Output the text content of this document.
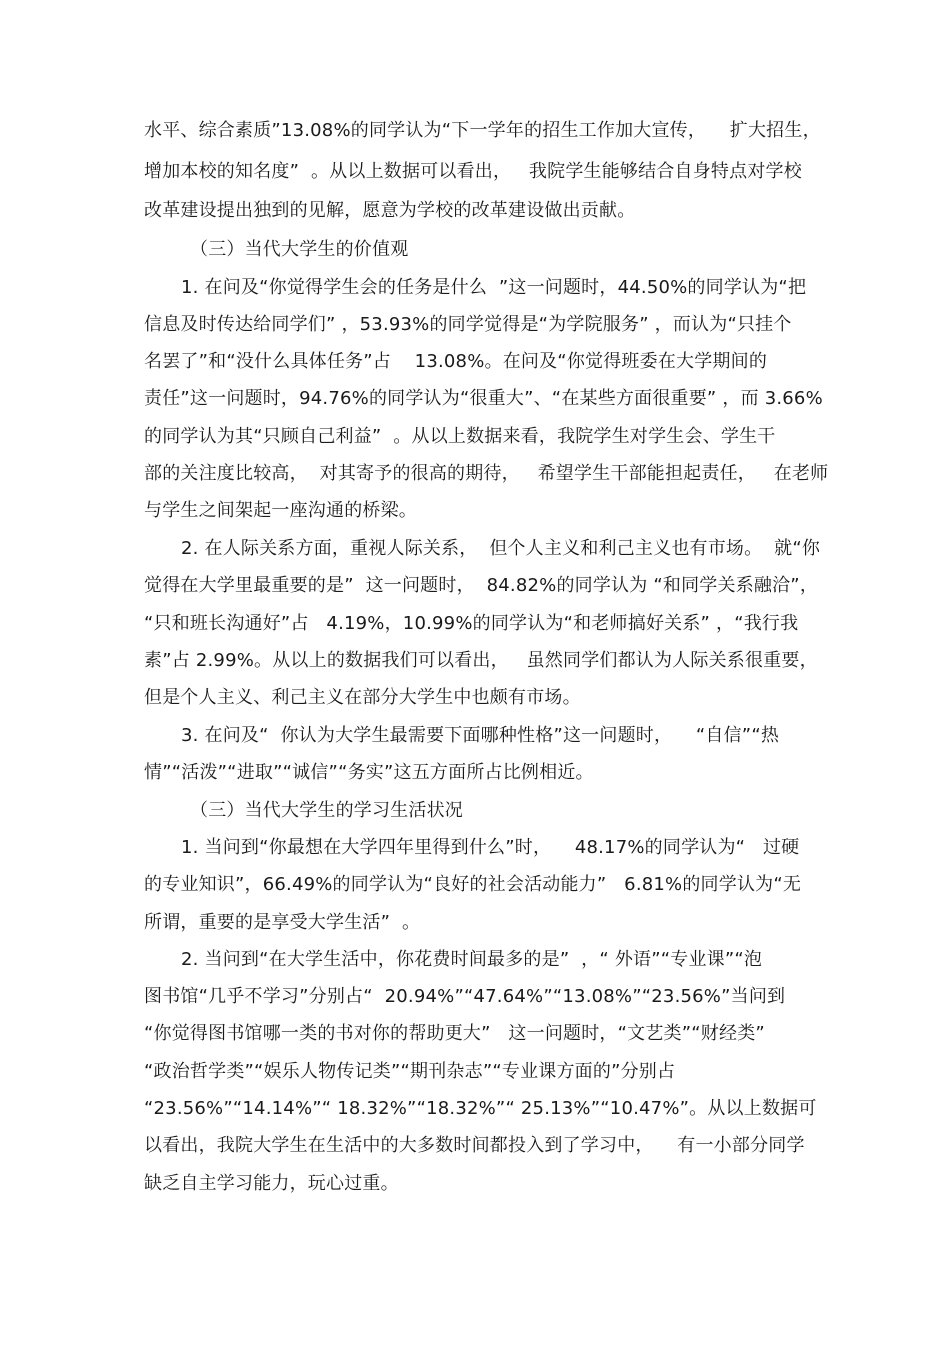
水平、综合素质”13.08%的同学认为“下一学年的招生工作加大宣传，    扩大招生，
增加本校的知名度”  。从以上数据可以看出，   我院学生能够结合自身特点对学校
改革建设提出独到的见解，愿意为学校的改革建设做出贡献。
（三）当代大学生的价值观
1. 在问及“你觉得学生会的任务是什么  ”这一问题时，44.50%的同学认为“把
信息及时传达给同学们” ，53.93%的同学觉得是“为学院服务” ，而认为“只挂个
名罢了”和“没什么具体任务”占    13.08%。在问及“你觉得班委在大学期间的
责任”这一问题时，94.76%的同学认为“很重大”、“在某些方面很重要” ，而 3.66%
的同学认为其“只顾自己利益”  。从以上数据来看，我院学生对学生会、学生干
部的关注度比较高，  对其寄予的很高的期待，   希望学生干部能担起责任，   在老师
与学生之间架起一座沟通的桥梁。
2. 在人际关系方面，重视人际关系，  但个人主义和利己主义也有市场。  就“你
觉得在大学里最重要的是”  这一问题时，  84.82%的同学认为 “和同学关系融洽”，
“只和班长沟通好”占   4.19%，10.99%的同学认为“和老师搞好关系” ，“我行我
素”占 2.99%。从以上的数据我们可以看出，   虽然同学们都认为人际关系很重要，
但是个人主义、利己主义在部分大学生中也颇有市场。
3. 在问及“  你认为大学生最需要下面哪种性格”这一问题时，    “自信”“热
情”“活泼”“进取”“诚信”“务实”这五方面所占比例相近。
（三）当代大学生的学习生活状况
1. 当问到“你最想在大学四年里得到什么”时，    48.17%的同学认为“   过硬
的专业知识”，66.49%的同学认为“良好的社会活动能力”   6.81%的同学认为“无
所谓，重要的是享受大学生活”  。
2. 当问到“在大学生活中，你花费时间最多的是”  ，“ 外语”“专业课”“泡
图书馆“几乎不学习”分别占“  20.94%”“47.64%”“13.08%”“23.56%”当问到
“你觉得图书馆哪一类的书对你的帮助更大”   这一问题时，“文艺类”“财经类”
“政治哲学类”“娱乐人物传记类”“期刊杂志”“专业课方面的”分别占
“23.56%”“14.14%”“ 18.32%”“18.32%”“ 25.13%”“10.47%”。从以上数据可
以看出，我院大学生在生活中的大多数时间都投入到了学习中，    有一小部分同学
缺乏自主学习能力，玩心过重。
